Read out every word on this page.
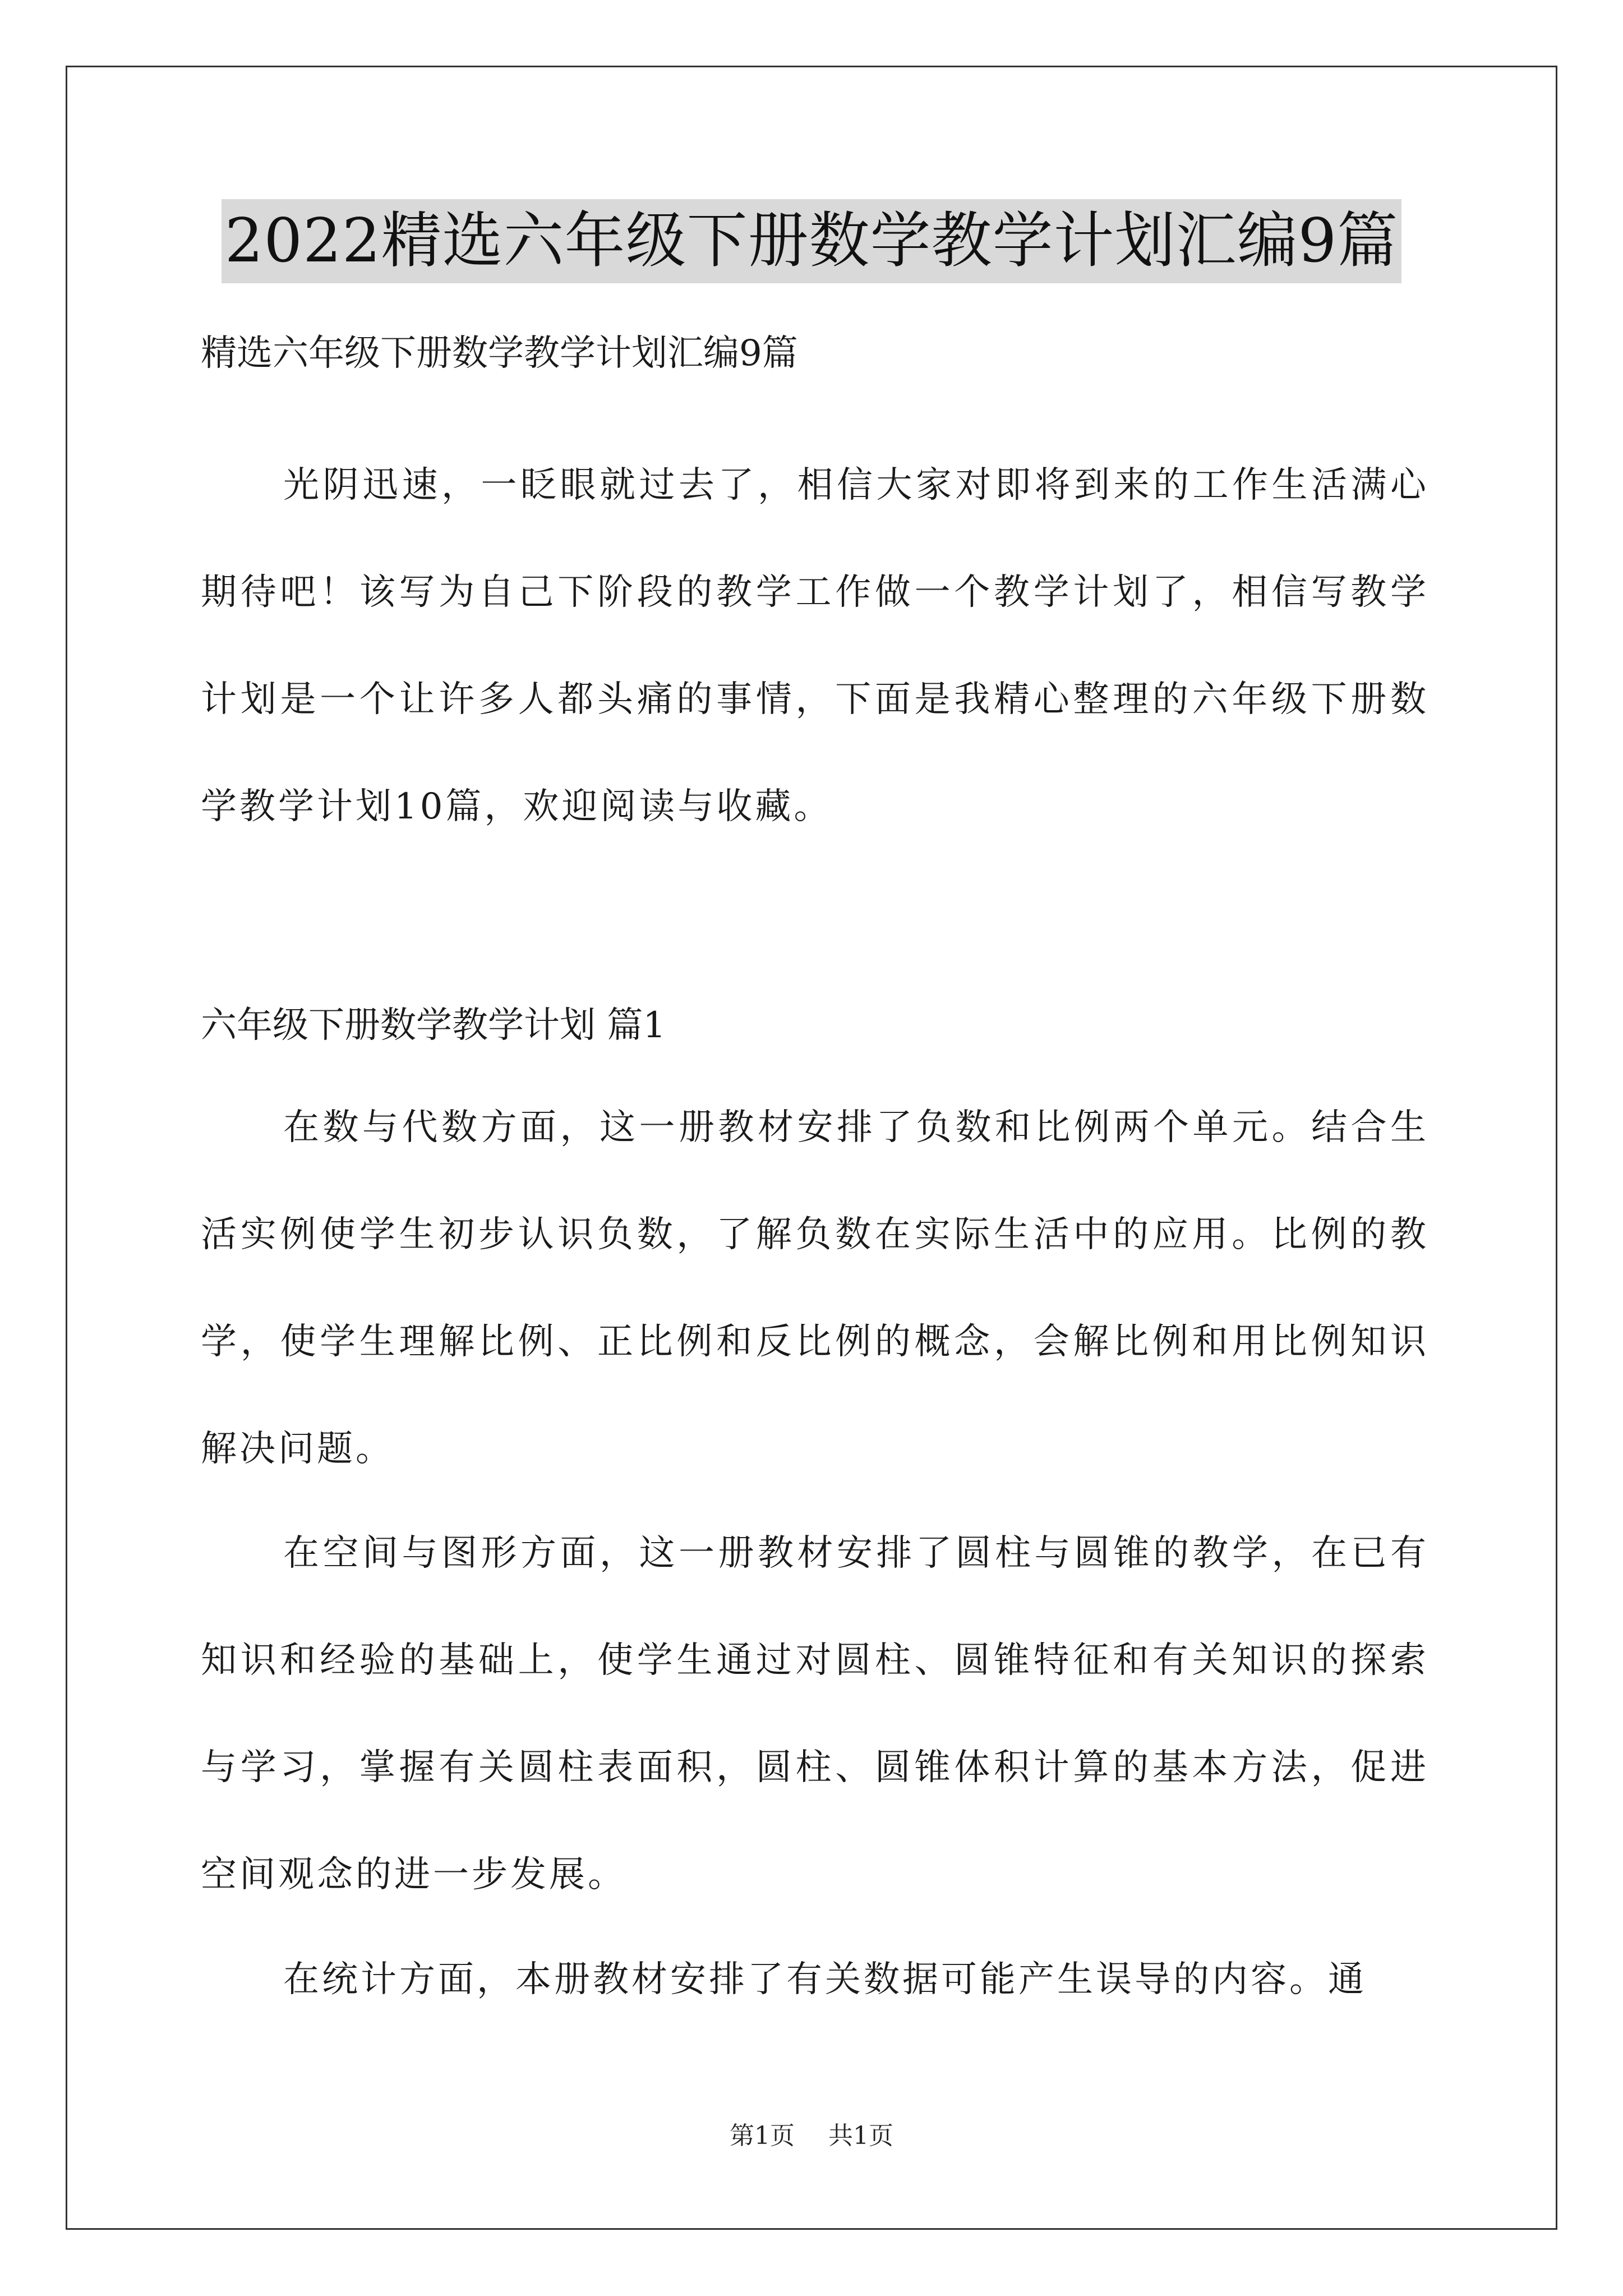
2022精选六年级下册数学教学计划汇编9篇
精选六年级下册数学教学计划汇编9篇

光阴迅速，一眨眼就过去了，相信大家对即将到来的工作生活满心期待吧！该写为自己下阶段的教学工作做一个教学计划了，相信写教学计划是一个让许多人都头痛的事情，下面是我精心整理的六年级下册数学教学计划10篇，欢迎阅读与收藏。

六年级下册数学教学计划 篇1

在数与代数方面，这一册教材安排了负数和比例两个单元。结合生活实例使学生初步认识负数，了解负数在实际生活中的应用。比例的教学，使学生理解比例、正比例和反比例的概念，会解比例和用比例知识解决问题。

在空间与图形方面，这一册教材安排了圆柱与圆锥的教学，在已有知识和经验的基础上，使学生通过对圆柱、圆锥特征和有关知识的探索与学习，掌握有关圆柱表面积，圆柱、圆锥体积计算的基本方法，促进空间观念的进一步发展。

在统计方面，本册教材安排了有关数据可能产生误导的内容。通

第1页 共1页
